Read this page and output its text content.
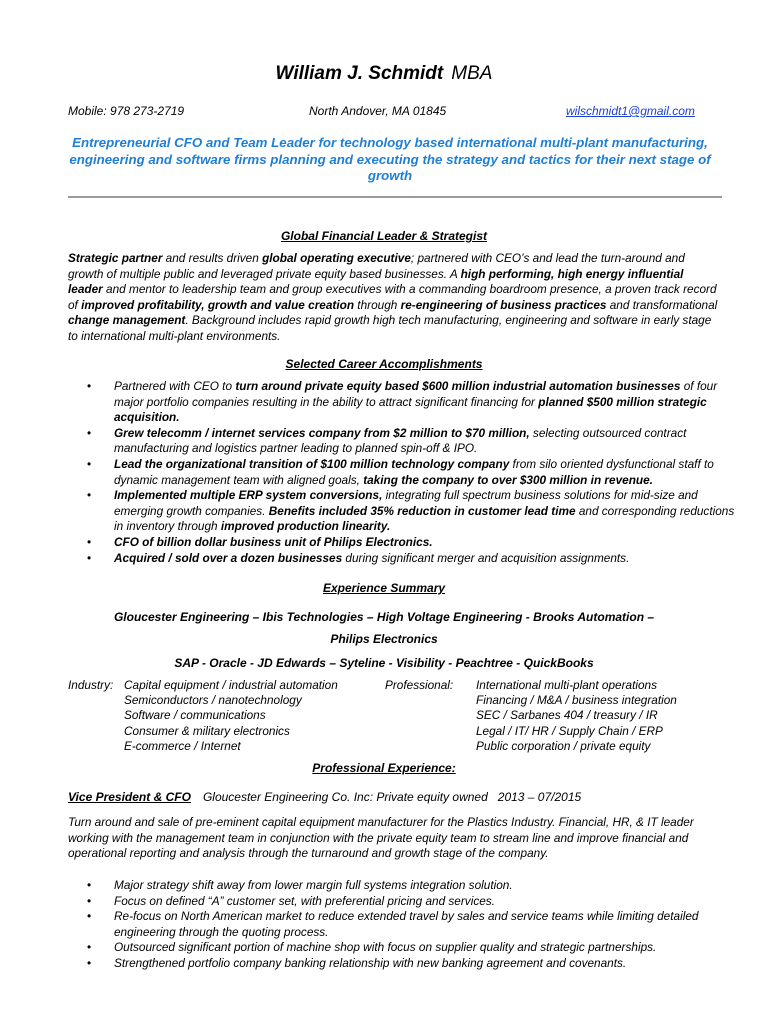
William J. Schmidt MBA
Mobile: 978 273-2719	North Andover, MA 01845	wilschmidt1@gmail.com
Entrepreneurial CFO and Team Leader for technology based international multi-plant manufacturing, engineering and software firms planning and executing the strategy and tactics for their next stage of growth
Global Financial Leader & Strategist
Strategic partner and results driven global operating executive; partnered with CEO’s and lead the turn-around and growth of multiple public and leveraged private equity based businesses. A high performing, high energy influential leader and mentor to leadership team and group executives with a commanding boardroom presence, a proven track record of improved profitability, growth and value creation through re-engineering of business practices and transformational change management. Background includes rapid growth high tech manufacturing, engineering and software in early stage to international multi-plant environments.
Selected Career Accomplishments
• Partnered with CEO to turn around private equity based $600 million industrial automation businesses of four major portfolio companies resulting in the ability to attract significant financing for planned $500 million strategic acquisition.
• Grew telecomm / internet services company from $2 million to $70 million, selecting outsourced contract manufacturing and logistics partner leading to planned spin-off & IPO.
• Lead the organizational transition of $100 million technology company from silo oriented dysfunctional staff to dynamic management team with aligned goals, taking the company to over $300 million in revenue.
• Implemented multiple ERP system conversions, integrating full spectrum business solutions for mid-size and emerging growth companies. Benefits included 35% reduction in customer lead time and corresponding reductions in inventory through improved production linearity.
• CFO of billion dollar business unit of Philips Electronics.
• Acquired / sold over a dozen businesses during significant merger and acquisition assignments.
Experience Summary
Gloucester Engineering – Ibis Technologies – High Voltage Engineering - Brooks Automation –
Philips Electronics
SAP - Oracle - JD Edwards – Syteline - Visibility - Peachtree - QuickBooks
Industry: Capital equipment / industrial automation
Semiconductors / nanotechnology
Software / communications
Consumer & military electronics
E-commerce / Internet
Professional: International multi-plant operations
Financing / M&A / business integration
SEC / Sarbanes 404 / treasury / IR
Legal / IT/ HR / Supply Chain / ERP
Public corporation / private equity
Professional Experience:
Vice President & CFO Gloucester Engineering Co. Inc: Private equity owned 2013 – 07/2015
Turn around and sale of pre-eminent capital equipment manufacturer for the Plastics Industry. Financial, HR, & IT leader working with the management team in conjunction with the private equity team to stream line and improve financial and operational reporting and analysis through the turnaround and growth stage of the company.
• Major strategy shift away from lower margin full systems integration solution.
• Focus on defined “A” customer set, with preferential pricing and services.
• Re-focus on North American market to reduce extended travel by sales and service teams while limiting detailed engineering through the quoting process.
• Outsourced significant portion of machine shop with focus on supplier quality and strategic partnerships.
• Strengthened portfolio company banking relationship with new banking agreement and covenants.
